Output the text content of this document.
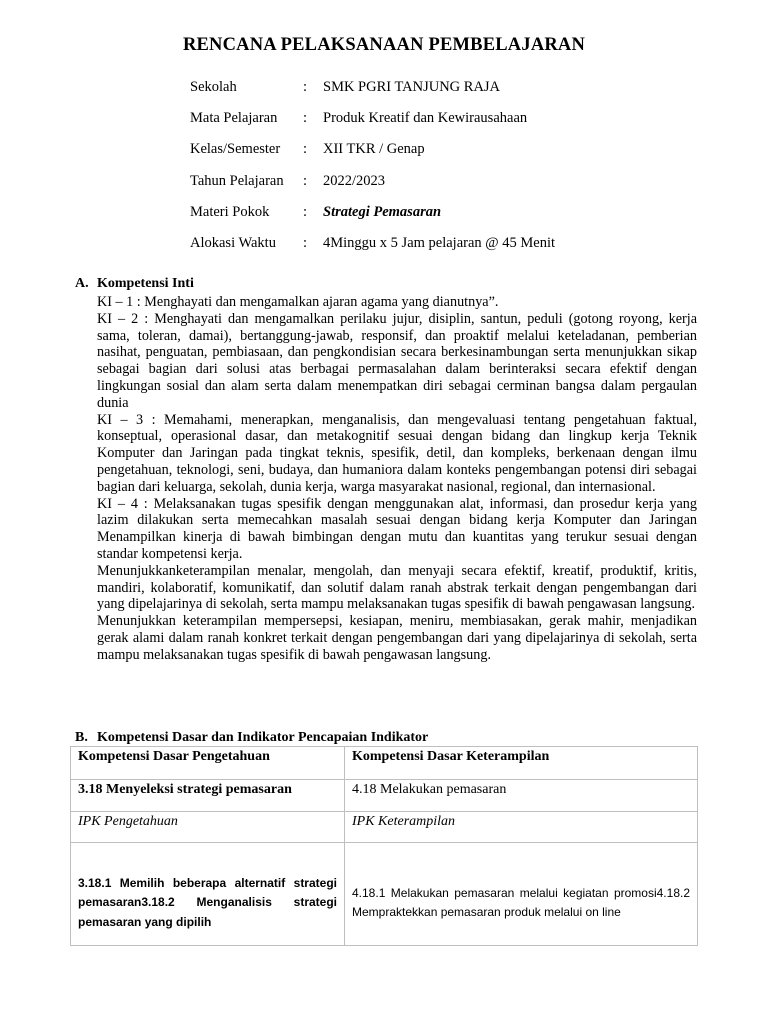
RENCANA PELAKSANAAN PEMBELAJARAN
Sekolah	:	SMK PGRI TANJUNG RAJA
Mata Pelajaran	:	Produk Kreatif dan Kewirausahaan
Kelas/Semester	:	XII TKR / Genap
Tahun Pelajaran	:	2022/2023
Materi Pokok	:	Strategi Pemasaran
Alokasi Waktu	:	4Minggu x 5 Jam pelajaran @ 45 Menit
A. Kompetensi Inti

KI – 1 : Menghayati dan mengamalkan ajaran agama yang dianutnya”.

KI – 2 : Menghayati dan mengamalkan perilaku jujur, disiplin, santun, peduli (gotong royong, kerja sama, toleran, damai), bertanggung-jawab, responsif, dan proaktif melalui keteladanan, pemberian nasihat, penguatan, pembiasaan, dan pengkondisian secara berkesinambungan serta menunjukkan sikap sebagai bagian dari solusi atas berbagai permasalahan dalam berinteraksi secara efektif dengan lingkungan sosial dan alam serta dalam menempatkan diri sebagai cerminan bangsa dalam pergaulan dunia

KI – 3 : Memahami, menerapkan, menganalisis, dan mengevaluasi tentang pengetahuan faktual, konseptual, operasional dasar, dan metakognitif sesuai dengan bidang dan lingkup kerja Teknik Komputer dan Jaringan pada tingkat teknis, spesifik, detil, dan kompleks, berkenaan dengan ilmu pengetahuan, teknologi, seni, budaya, dan humaniora dalam konteks pengembangan potensi diri sebagai bagian dari keluarga, sekolah, dunia kerja, warga masyarakat nasional, regional, dan internasional.

KI – 4 : Melaksanakan tugas spesifik dengan menggunakan alat, informasi, dan prosedur kerja yang lazim dilakukan serta memecahkan masalah sesuai dengan bidang kerja Komputer dan Jaringan Menampilkan kinerja di bawah bimbingan dengan mutu dan kuantitas yang terukur sesuai dengan standar kompetensi kerja.

Menunjukkanketerampilan menalar, mengolah, dan menyaji secara efektif, kreatif, produktif, kritis, mandiri, kolaboratif, komunikatif, dan solutif dalam ranah abstrak terkait dengan pengembangan dari yang dipelajarinya di sekolah, serta mampu melaksanakan tugas spesifik di bawah pengawasan langsung.

Menunjukkan keterampilan mempersepsi, kesiapan, meniru, membiasakan, gerak mahir, menjadikan gerak alami dalam ranah konkret terkait dengan pengembangan dari yang dipelajarinya di sekolah, serta mampu melaksanakan tugas spesifik di bawah pengawasan langsung.

B. Kompetensi Dasar dan Indikator Pencapaian Indikator
Kompetensi Dasar Pengetahuan	Kompetensi Dasar Keterampilan
3.18 Menyeleksi strategi pemasaran	4.18 Melakukan pemasaran
IPK Pengetahuan	IPK Keterampilan
3.18.1 Memilih beberapa alternatif strategi pemasaran3.18.2 Menganalisis strategi pemasaran yang dipilih	4.18.1 Melakukan pemasaran melalui kegiatan promosi4.18.2 Mempraktekkan pemasaran produk melalui on line
